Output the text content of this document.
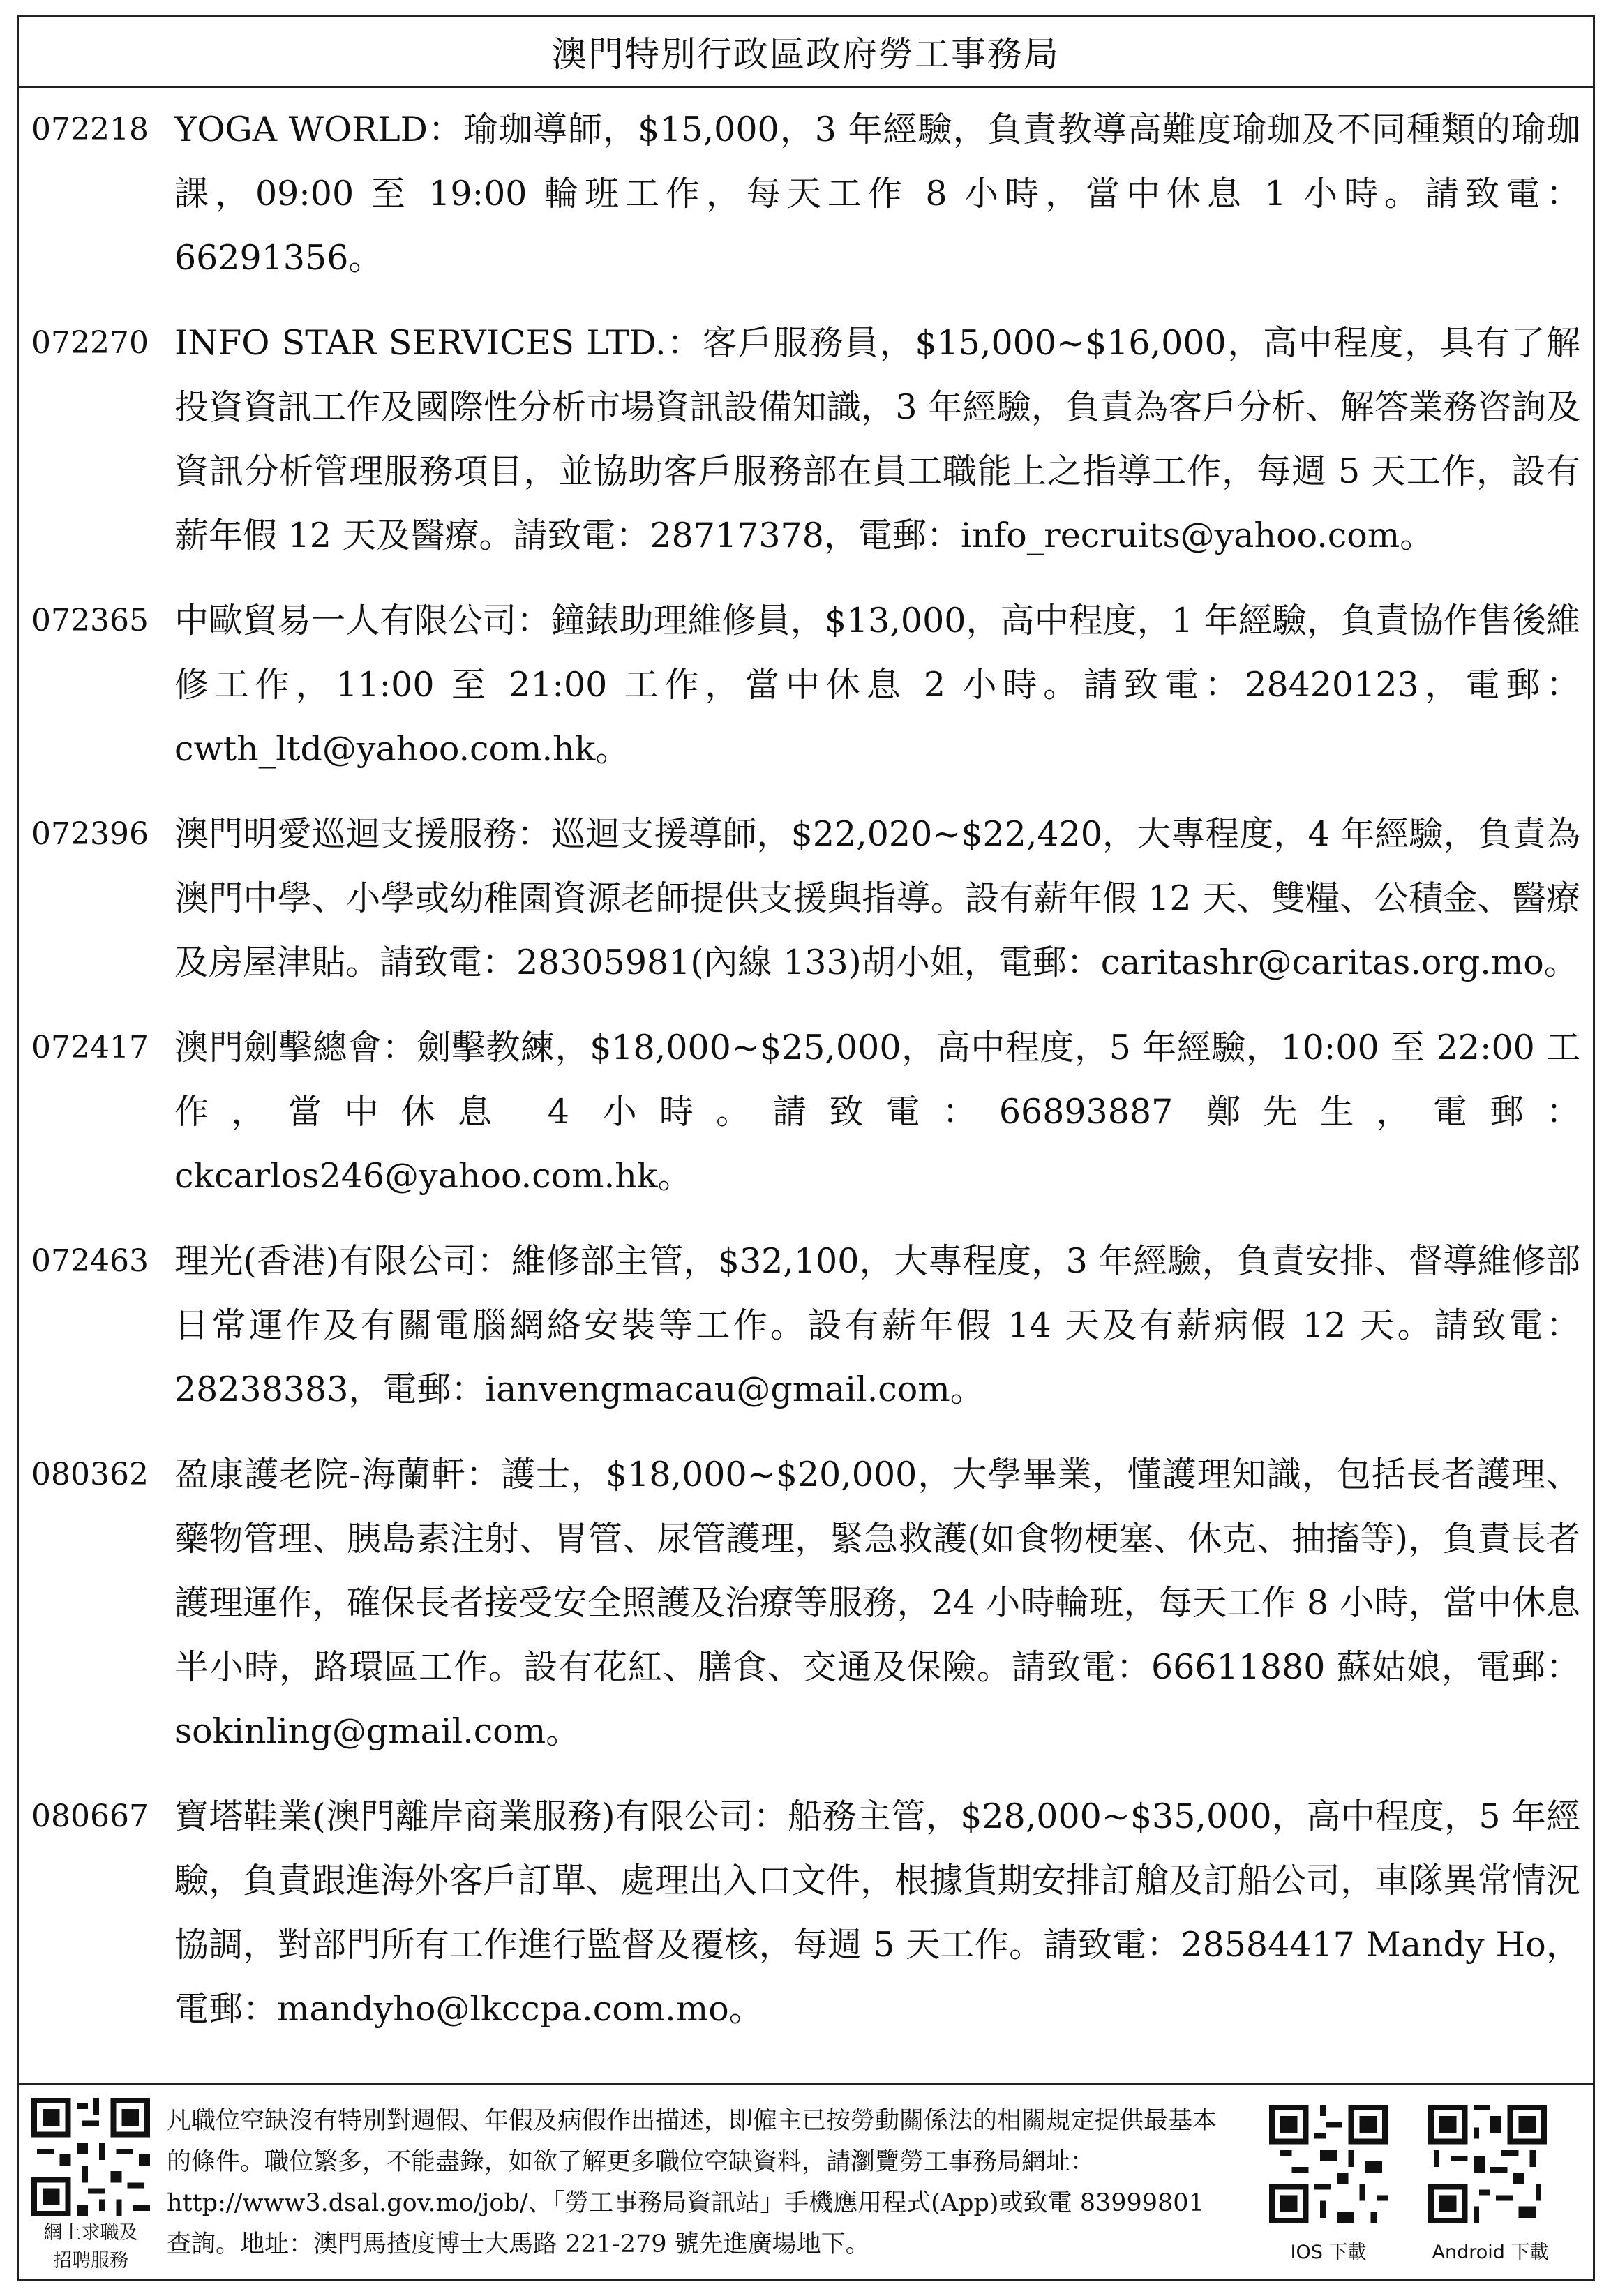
澳門特別行政區政府勞工事務局
072218 YOGA WORLD：瑜珈導師，$15,000，3 年經驗，負責教導高難度瑜珈及不同種類的瑜珈課，09:00 至 19:00 輪班工作，每天工作 8 小時，當中休息 1 小時。請致電：66291356。
072270 INFO STAR SERVICES LTD.：客戶服務員，$15,000~$16,000，高中程度，具有了解投資資訊工作及國際性分析市場資訊設備知識，3 年經驗，負責為客戶分析、解答業務咨詢及資訊分析管理服務項目，並協助客戶服務部在員工職能上之指導工作，每週 5 天工作，設有薪年假 12 天及醫療。請致電：28717378，電郵：info_recruits@yahoo.com。
072365 中歐貿易一人有限公司：鐘錶助理維修員，$13,000，高中程度，1 年經驗，負責協作售後維修工作，11:00 至 21:00 工作，當中休息 2 小時。請致電：28420123，電郵：cwth_ltd@yahoo.com.hk。
072396 澳門明愛巡迴支援服務：巡迴支援導師，$22,020~$22,420，大專程度，4 年經驗，負責為澳門中學、小學或幼稚園資源老師提供支援與指導。設有薪年假 12 天、雙糧、公積金、醫療及房屋津貼。請致電：28305981(內線 133)胡小姐，電郵：caritashr@caritas.org.mo。
072417 澳門劍擊總會：劍擊教練，$18,000~$25,000，高中程度，5 年經驗，10:00 至 22:00 工作，當中休息 4 小時。請致電：66893887 鄭先生，電郵：ckcarlos246@yahoo.com.hk。
072463 理光(香港)有限公司：維修部主管，$32,100，大專程度，3 年經驗，負責安排、督導維修部日常運作及有關電腦網絡安裝等工作。設有薪年假 14 天及有薪病假 12 天。請致電：28238383，電郵：ianvengmacau@gmail.com。
080362 盈康護老院-海蘭軒：護士，$18,000~$20,000，大學畢業，懂護理知識，包括長者護理、藥物管理、胰島素注射、胃管、尿管護理，緊急救護(如食物梗塞、休克、抽搐等)，負責長者護理運作，確保長者接受安全照護及治療等服務，24 小時輪班，每天工作 8 小時，當中休息半小時，路環區工作。設有花紅、膳食、交通及保險。請致電：66611880 蘇姑娘，電郵：sokinling@gmail.com。
080667 寶塔鞋業(澳門離岸商業服務)有限公司：船務主管，$28,000~$35,000，高中程度，5 年經驗，負責跟進海外客戶訂單、處理出入口文件，根據貨期安排訂艙及訂船公司，車隊異常情況協調，對部門所有工作進行監督及覆核，每週 5 天工作。請致電：28584417 Mandy Ho，電郵：mandyho@lkccpa.com.mo。
網上求職及
招聘服務
凡職位空缺沒有特別對週假、年假及病假作出描述，即僱主已按勞動關係法的相關規定提供最基本的條件。職位繁多，不能盡錄，如欲了解更多職位空缺資料，請瀏覽勞工事務局網址：http://www3.dsal.gov.mo/job/、「勞工事務局資訊站」手機應用程式(App)或致電 83999801 查詢。地址：澳門馬揸度博士大馬路 221-279 號先進廣場地下。	IOS 下載	Android 下載
